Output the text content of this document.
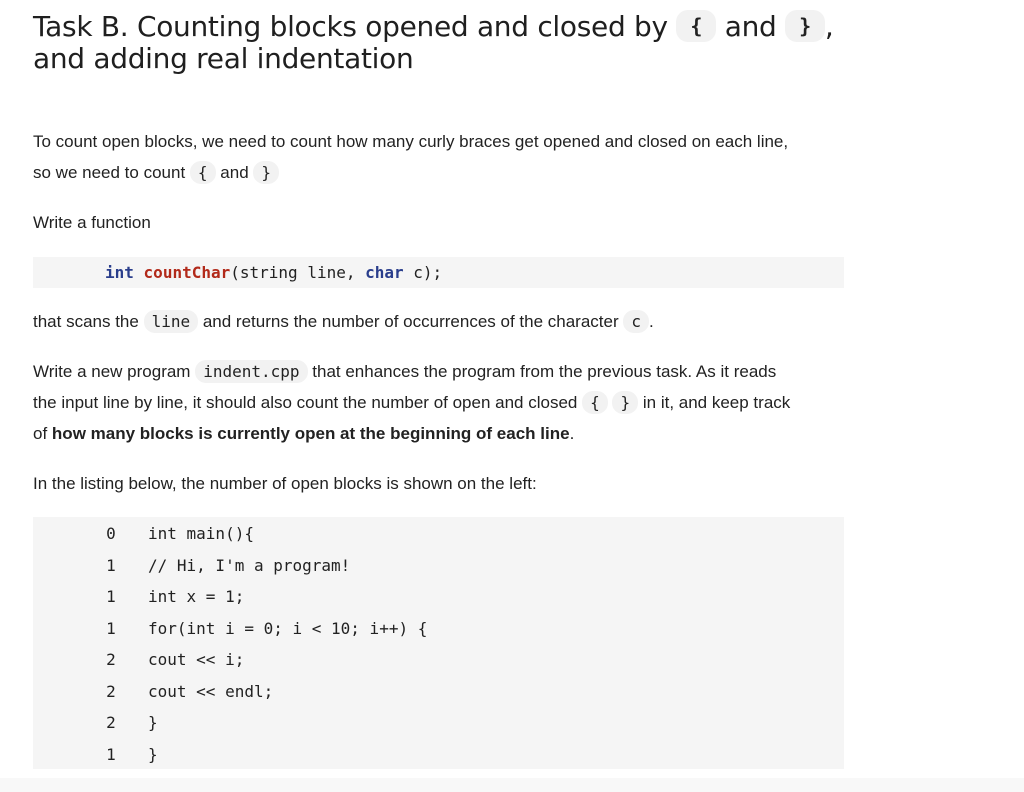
Task B. Counting blocks opened and closed by { and } ,
and adding real indentation
To count open blocks, we need to count how many curly braces get opened and closed on each line,
so we need to count { and }
Write a function
int countChar(string line, char c);
that scans the line and returns the number of occurrences of the character c .
Write a new program indent.cpp that enhances the program from the previous task. As it reads
the input line by line, it should also count the number of open and closed { } in it, and keep track
of how many blocks is currently open at the beginning of each line.
In the listing below, the number of open blocks is shown on the left:
0	int main(){
1	// Hi, I'm a program!
1	int x = 1;
1	for(int i = 0; i < 10; i++) {
2	cout << i;
2	cout << endl;
2	}
1	}
